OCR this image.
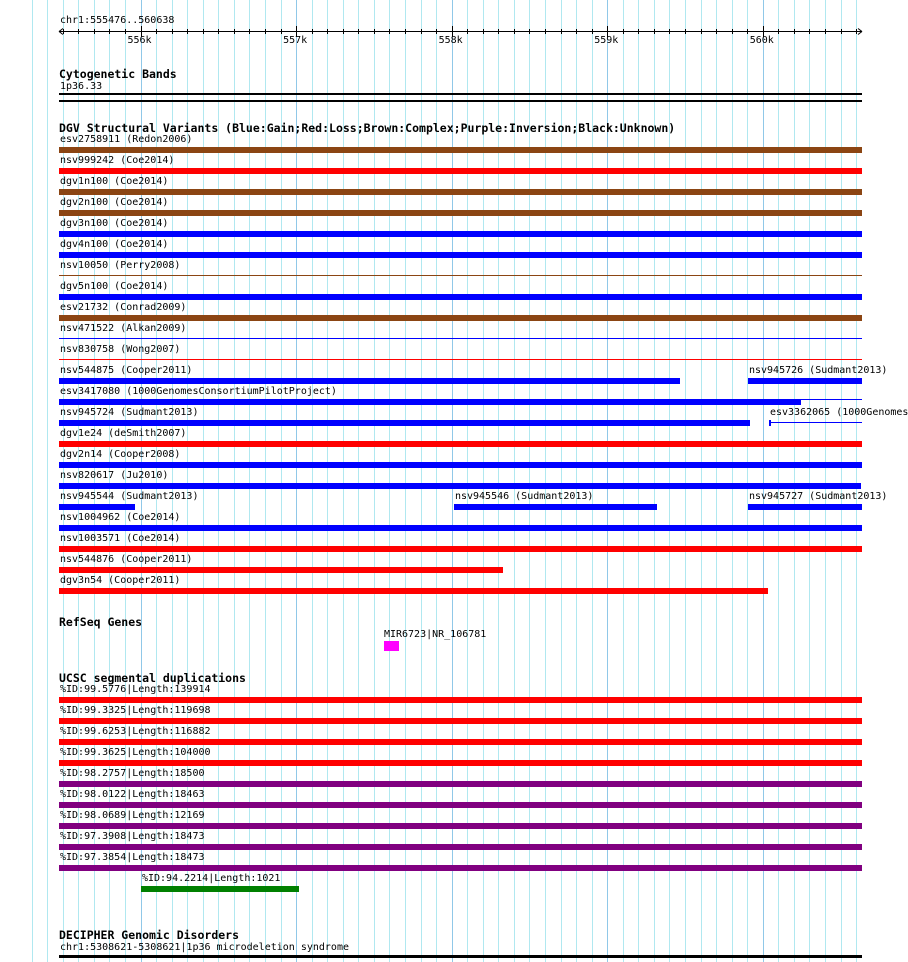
chr1:555476..560638
556k	557k	558k	559k	560k
Cytogenetic Bands
1p36.33
DGV Structural Variants (Blue:Gain;Red:Loss;Brown:Complex;Purple:Inversion;Black:Unknown)
esv2758911 (Redon2006)
nsv999242 (Coe2014)
dgv1n100 (Coe2014)
dgv2n100 (Coe2014)
dgv3n100 (Coe2014)
dgv4n100 (Coe2014)
nsv10050 (Perry2008)
dgv5n100 (Coe2014)
esv21732 (Conrad2009)
nsv471522 (Alkan2009)
nsv830758 (Wong2007)
nsv544875 (Cooper2011)	nsv945726 (Sudmant2013)
esv3417080 (1000GenomesConsortiumPilotProject)
nsv945724 (Sudmant2013)	esv3362065 (1000Genomes
dgv1e24 (deSmith2007)
dgv2n14 (Cooper2008)
nsv820617 (Ju2010)
nsv945544 (Sudmant2013)	nsv945546 (Sudmant2013)	nsv945727 (Sudmant2013)
nsv1004962 (Coe2014)
nsv1003571 (Coe2014)
nsv544876 (Cooper2011)
dgv3n54 (Cooper2011)
RefSeq Genes
MIR6723|NR_106781
UCSC segmental duplications
%ID:99.5776|Length:139914
%ID:99.3325|Length:119698
%ID:99.6253|Length:116882
%ID:99.3625|Length:104000
%ID:98.2757|Length:18500
%ID:98.0122|Length:18463
%ID:98.0689|Length:12169
%ID:97.3908|Length:18473
%ID:97.3854|Length:18473
%ID:94.2214|Length:1021
DECIPHER Genomic Disorders
chr1:5308621-5308621|1p36 microdeletion syndrome
